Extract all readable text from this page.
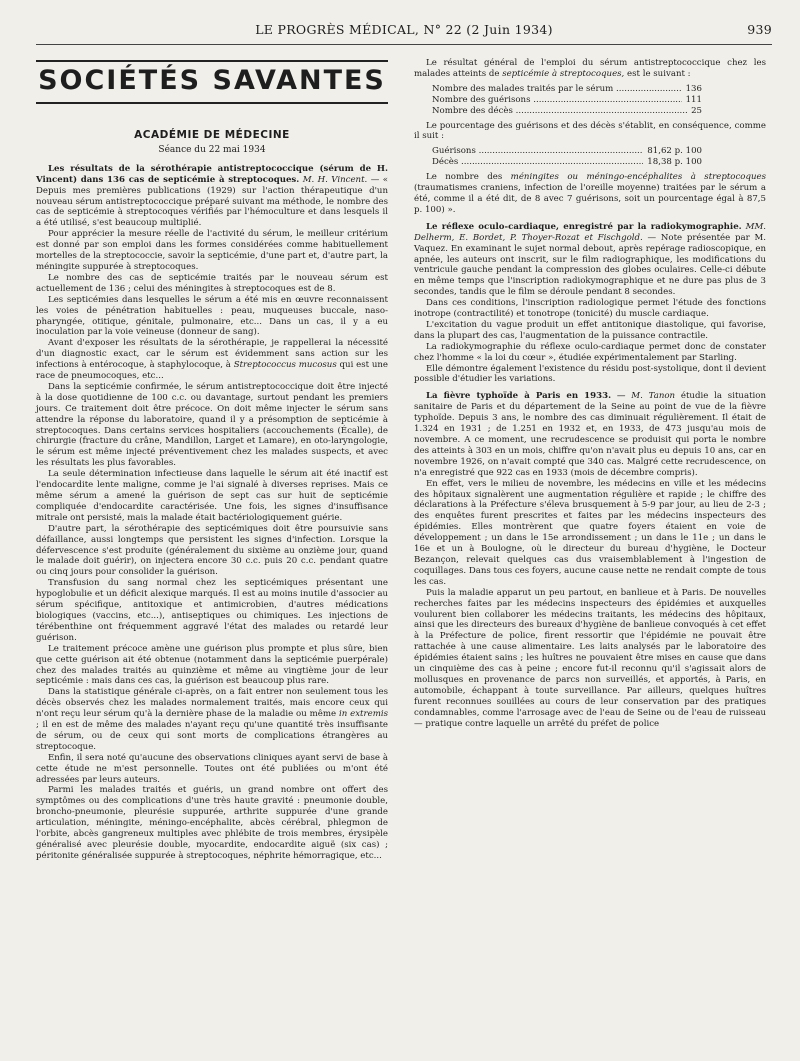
LE PROGRÈS MÉDICAL, N° 22 (2 Juin 1934)	939
SOCIÉTÉS SAVANTES
ACADÉMIE DE MÉDECINE
Séance du 22 mai 1934

Les résultats de la sérothérapie antistreptococcique (sérum de H. Vincent) dans 136 cas de septicémie à streptocoques. M. H. Vincent. — « Depuis mes premières publications (1929) sur l'action thérapeutique d'un nouveau sérum antistreptococcique préparé suivant ma méthode, le nombre des cas de septicémie à streptocoques vérifiés par l'hémoculture et dans lesquels il a été utilisé, s'est beaucoup multiplié.

Pour apprécier la mesure réelle de l'activité du sérum, le meilleur critérium est donné par son emploi dans les formes considérées comme habituellement mortelles de la streptococcie, savoir la septicémie, d'une part et, d'autre part, la méningite suppurée à streptocoques.

Le nombre des cas de septicémie traités par le nouveau sérum est actuellement de 136 ; celui des méningites à streptocoques est de 8.

Les septicémies dans lesquelles le sérum a été mis en œuvre reconnaissent les voies de pénétration habituelles : peau, muqueuses buccale, naso-pharyngée, otitique, génitale, pulmonaire, etc... Dans un cas, il y a eu inoculation par la voie veineuse (donneur de sang).

Avant d'exposer les résultats de la sérothérapie, je rappellerai la nécessité d'un diagnostic exact, car le sérum est évidemment sans action sur les infections à entérocoque, à staphylocoque, à Streptococcus mucosus qui est une race de pneumocoques, etc...

Dans la septicémie confirmée, le sérum antistreptococcique doit être injecté à la dose quotidienne de 100 c.c. ou davantage, surtout pendant les premiers jours. Ce traitement doit être précoce. On doit même injecter le sérum sans attendre la réponse du laboratoire, quand il y a présomption de septicémie à streptocoques. Dans certains services hospitaliers (accouchements (Écalle), de chirurgie (fracture du crâne, Mandillon, Larget et Lamare), en oto-laryngologie, le sérum est même injecté préventivement chez les malades suspects, et avec les résultats les plus favorables.

La seule détermination infectieuse dans laquelle le sérum ait été inactif est l'endocardite lente maligne, comme je l'ai signalé à diverses reprises. Mais ce même sérum a amené la guérison de sept cas sur huit de septicémie compliquée d'endocardite caractérisée. Une fois, les signes d'insuffisance mitrale ont persisté, mais la malade était bactériologiquement guérie.

D'autre part, la sérothérapie des septicémiques doit être poursuivie sans défaillance, aussi longtemps que persistent les signes d'infection. Lorsque la défervescence s'est produite (généralement du sixième au onzième jour, quand le malade doit guérir), on injectera encore 30 c.c. puis 20 c.c. pendant quatre ou cinq jours pour consolider la guérison.

Transfusion du sang normal chez les septicémiques présentant une hypoglobulie et un déficit alexique marqués. Il est au moins inutile d'associer au sérum spécifique, antitoxique et antimicrobien, d'autres médications biologiques (vaccins, etc...), antiseptiques ou chimiques. Les injections de térébenthine ont fréquemment aggravé l'état des malades ou retardé leur guérison.

Le traitement précoce amène une guérison plus prompte et plus sûre, bien que cette guérison ait été obtenue (notamment dans la septicémie puerpérale) chez des malades traités au quinzième et même au vingtième jour de leur septicémie : mais dans ces cas, la guérison est beaucoup plus rare.

Dans la statistique générale ci-après, on a fait entrer non seulement tous les décès observés chez les malades normalement traités, mais encore ceux qui n'ont reçu leur sérum qu'à la dernière phase de la maladie ou même in extremis ; il en est de même des malades n'ayant reçu qu'une quantité très insuffisante de sérum, ou de ceux qui sont morts de complications étrangères au streptocoque.

Enfin, il sera noté qu'aucune des observations cliniques ayant servi de base à cette étude ne m'est personnelle. Toutes ont été publiées ou m'ont été adressées par leurs auteurs.

Parmi les malades traités et guéris, un grand nombre ont offert des symptômes ou des complications d'une très haute gravité : pneumonie double, broncho-pneumonie, pleurésie suppurée, arthrite suppurée d'une grande articulation, méningite, méningo-encéphalite, abcès cérébral, phlegmon de l'orbite, abcès gangreneux multiples avec phlébite de trois membres, érysipèle généralisé avec pleurésie double, myocardite, endocardite aiguë (six cas) ; péritonite généralisée suppurée à streptocoques, néphrite hémorragique, etc...

Le résultat général de l'emploi du sérum antistreptococcique chez les malades atteints de septicémie à streptocoques, est le suivant :

Nombre des malades traités par le sérum .....	136
Nombre des guérisons .....	111
Nombre des décès .....	25

Le pourcentage des guérisons et des décès s'établit, en conséquence, comme il suit :

Guérisons .....	81,62 p. 100
Décès .....	18,38 p. 100

Le nombre des méningites ou méningo-encéphalites à streptocoques (traumatismes craniens, infection de l'oreille moyenne) traitées par le sérum a été, comme il a été dit, de 8 avec 7 guérisons, soit un pourcentage égal à 87,5 p. 100) ».

Le réflexe oculo-cardiaque, enregistré par la radiokymographie. MM. Delherm, E. Bordet, P. Thoyer-Rozat et Fischgold. — Note présentée par M. Vaquez. En examinant le sujet normal debout, après repérage radioscopique, en apnée, les auteurs ont inscrit, sur le film radiographique, les modifications du ventricule gauche pendant la compression des globes oculaires. Celle-ci débute en même temps que l'inscription radiokymographique et ne dure pas plus de 3 secondes, tandis que le film se déroule pendant 8 secondes.

Dans ces conditions, l'inscription radiologique permet l'étude des fonctions inotrope (contractilité) et tonotrope (tonicité) du muscle cardiaque.

L'excitation du vague produit un effet antitonique diastolique, qui favorise, dans la plupart des cas, l'augmentation de la puissance contractile.

La radiokymographie du réflexe oculo-cardiaque permet donc de constater chez l'homme « la loi du cœur », étudiée expérimentalement par Starling.

Elle démontre également l'existence du résidu post-systolique, dont il devient possible d'étudier les variations.

La fièvre typhoïde à Paris en 1933. — M. Tanon étudie la situation sanitaire de Paris et du département de la Seine au point de vue de la fièvre typhoïde. Depuis 3 ans, le nombre des cas diminuait régulièrement. Il était de 1.324 en 1931 ; de 1.251 en 1932 et, en 1933, de 473 jusqu'au mois de novembre. A ce moment, une recrudescence se produisit qui porta le nombre des atteints à 303 en un mois, chiffre qu'on n'avait plus eu depuis 10 ans, car en novembre 1926, on n'avait compté que 340 cas. Malgré cette recrudescence, on n'a enregistré que 922 cas en 1933 (mois de décembre compris).

En effet, vers le milieu de novembre, les médecins en ville et les médecins des hôpitaux signalèrent une augmentation régulière et rapide ; le chiffre des déclarations à la Préfecture s'éleva brusquement à 5-9 par jour, au lieu de 2-3 ; des enquêtes furent prescrites et faites par les médecins inspecteurs des épidémies. Elles montrèrent que quatre foyers étaient en voie de développement ; un dans le 15e arrondissement ; un dans le 11e ; un dans le 16e et un à Boulogne, où le directeur du bureau d'hygiène, le Docteur Bezançon, relevait quelques cas dus vraisemblablement à l'ingestion de coquillages. Dans tous ces foyers, aucune cause nette ne rendait compte de tous les cas.

Puis la maladie apparut un peu partout, en banlieue et à Paris. De nouvelles recherches faites par les médecins inspecteurs des épidémies et auxquelles voulurent bien collaborer les médecins traitants, les médecins des hôpitaux, ainsi que les directeurs des bureaux d'hygiène de banlieue convoqués à cet effet à la Préfecture de police, firent ressortir que l'épidémie ne pouvait être rattachée à une cause alimentaire. Les laits analysés par le laboratoire des épidémies étaient sains ; les huîtres ne pouvaient être mises en cause que dans un cinquième des cas à peine ; encore fut-il reconnu qu'il s'agissait alors de mollusques en provenance de parcs non surveillés, et apportés, à Paris, en automobile, échappant à toute surveillance. Par ailleurs, quelques huîtres furent reconnues souillées au cours de leur conservation par des pratiques condamnables, comme l'arrosage avec de l'eau de Seine ou de l'eau de ruisseau — pratique contre laquelle un arrêté du préfet de police
